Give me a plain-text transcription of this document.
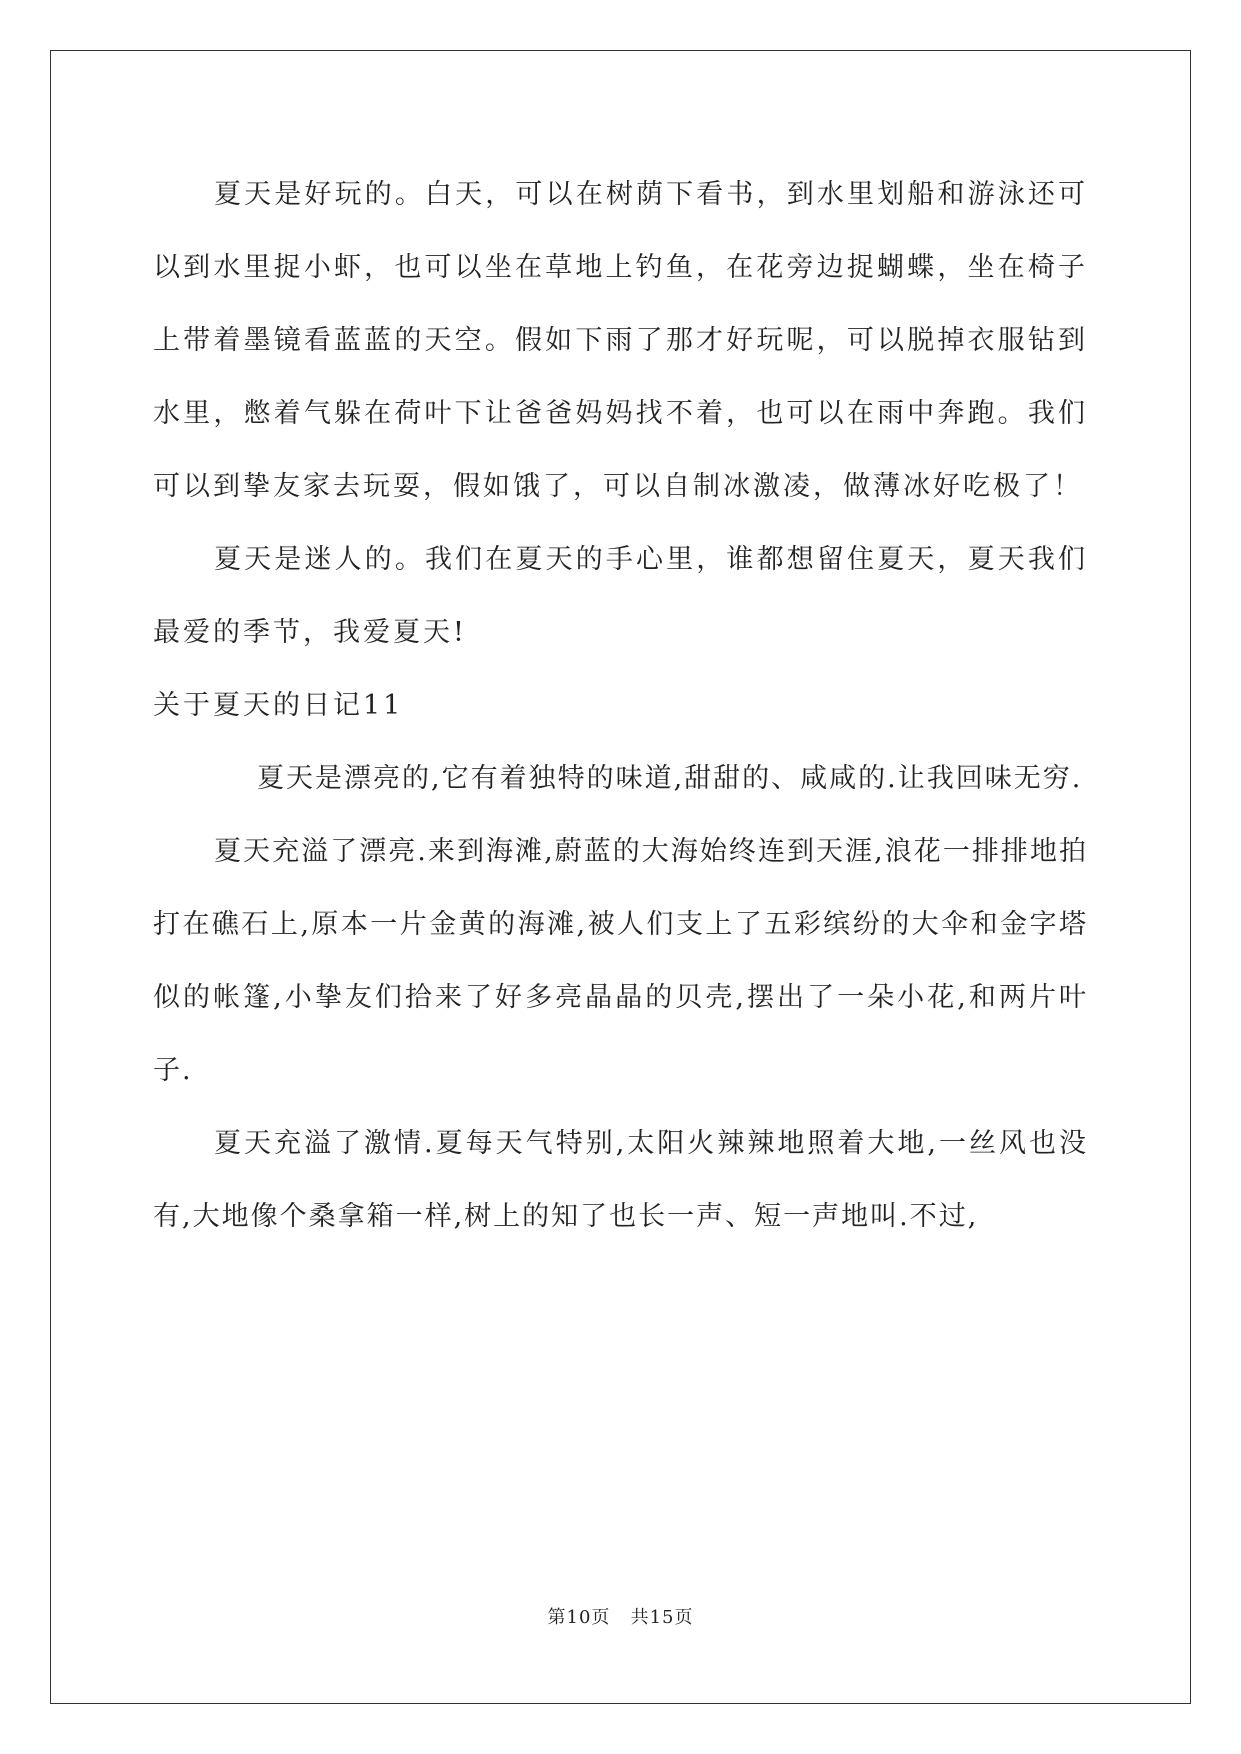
夏天是好玩的。白天，可以在树荫下看书，到水里划船和游泳还可以到水里捉小虾，也可以坐在草地上钓鱼，在花旁边捉蝴蝶，坐在椅子上带着墨镜看蓝蓝的天空。假如下雨了那才好玩呢，可以脱掉衣服钻到水里，憋着气躲在荷叶下让爸爸妈妈找不着，也可以在雨中奔跑。我们可以到挚友家去玩耍，假如饿了，可以自制冰激凌，做薄冰好吃极了！

夏天是迷人的。我们在夏天的手心里，谁都想留住夏天，夏天我们最爱的季节，我爱夏天!

关于夏天的日记11

夏天是漂亮的,它有着独特的味道,甜甜的、咸咸的.让我回味无穷.

夏天充溢了漂亮.来到海滩,蔚蓝的大海始终连到天涯,浪花一排排地拍打在礁石上,原本一片金黄的海滩,被人们支上了五彩缤纷的大伞和金字塔似的帐篷,小挚友们拾来了好多亮晶晶的贝壳,摆出了一朵小花,和两片叶子.

夏天充溢了激情.夏每天气特别,太阳火辣辣地照着大地,一丝风也没有,大地像个桑拿箱一样,树上的知了也长一声、短一声地叫.不过,

第10页   共15页
